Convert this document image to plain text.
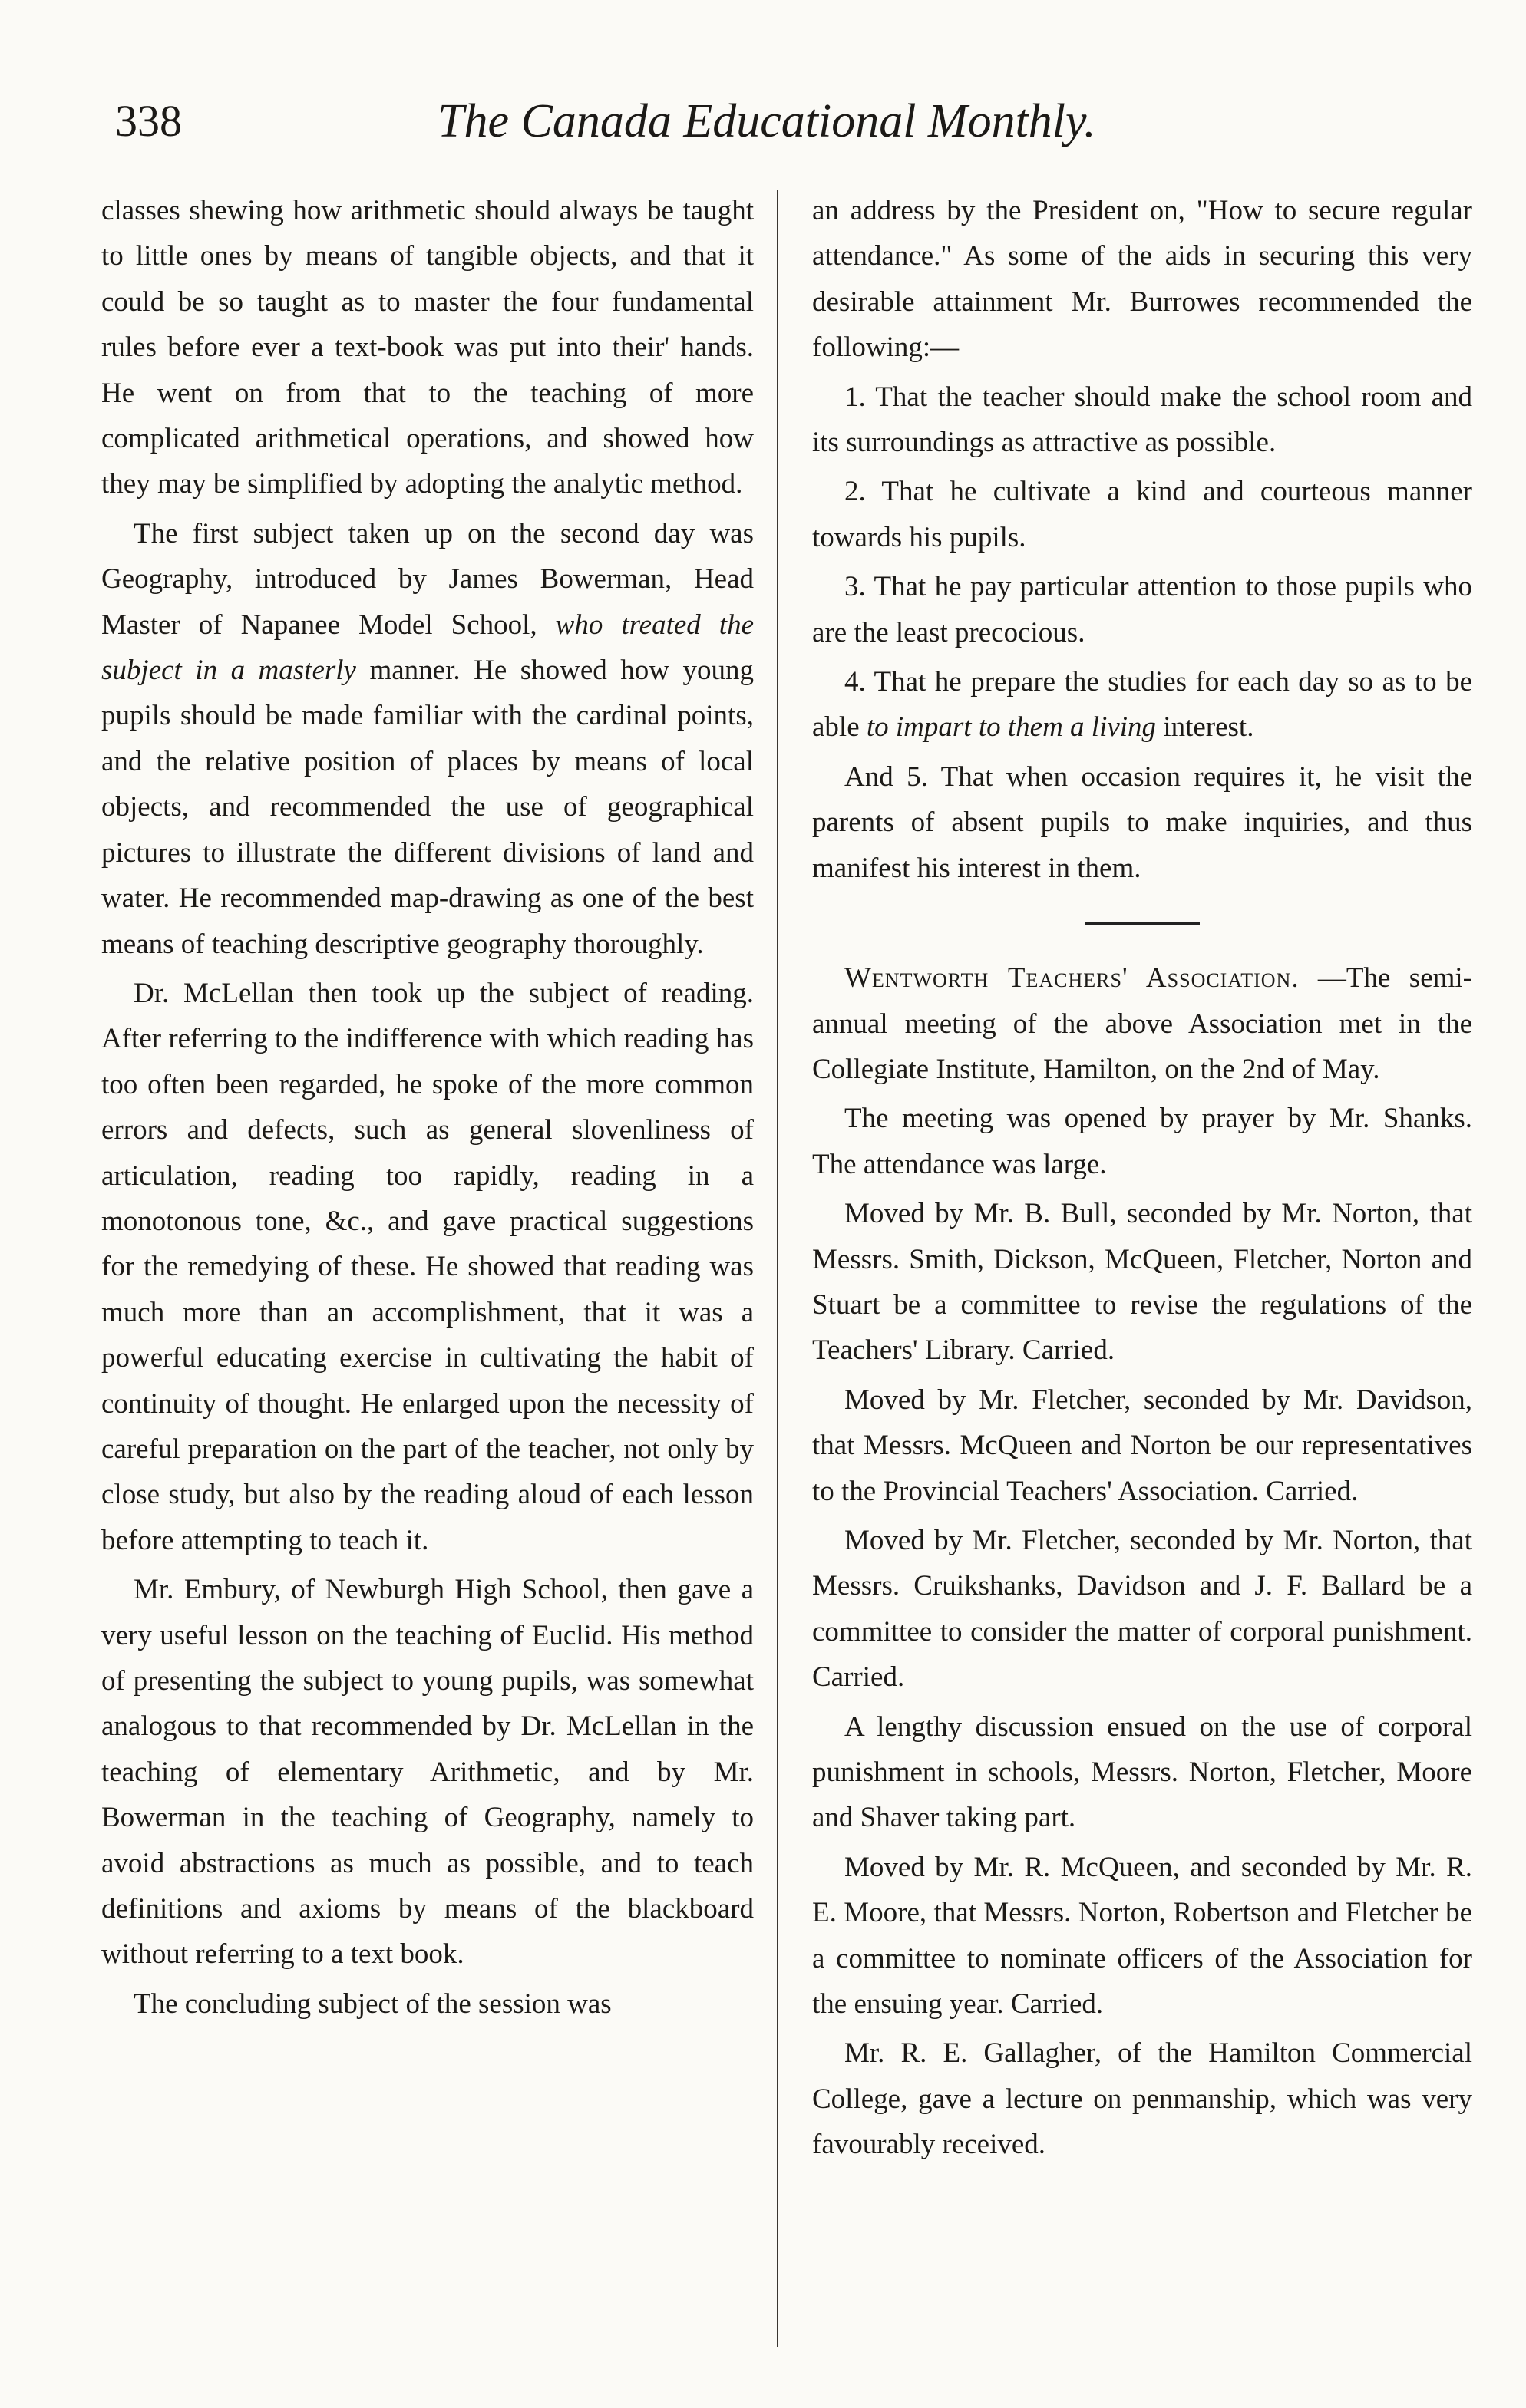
338	The Canada Educational Monthly.

classes shewing how arithmetic should always be taught to little ones by means of tangible objects, and that it could be so taught as to master the four fundamental rules before ever a text-book was put into their' hands. He went on from that to the teaching of more complicated arithmetical operations, and showed how they may be simplified by adopting the analytic method.

The first subject taken up on the second day was Geography, introduced by James Bowerman, Head Master of Napanee Model School, who treated the subject in a masterly manner. He showed how young pupils should be made familiar with the cardinal points, and the relative position of places by means of local objects, and recommended the use of geographical pictures to illustrate the different divisions of land and water. He recommended map-drawing as one of the best means of teaching descriptive geography thoroughly.

Dr. McLellan then took up the subject of reading. After referring to the indifference with which reading has too often been regarded, he spoke of the more common errors and defects, such as general slovenliness of articulation, reading too rapidly, reading in a monotonous tone, &c., and gave practical suggestions for the remedying of these. He showed that reading was much more than an accomplishment, that it was a powerful educating exercise in cultivating the habit of continuity of thought. He enlarged upon the necessity of careful preparation on the part of the teacher, not only by close study, but also by the reading aloud of each lesson before attempting to teach it.

Mr. Embury, of Newburgh High School, then gave a very useful lesson on the teaching of Euclid. His method of presenting the subject to young pupils, was somewhat analogous to that recommended by Dr. McLellan in the teaching of elementary Arithmetic, and by Mr. Bowerman in the teaching of Geography, namely to avoid abstractions as much as possible, and to teach definitions and axioms by means of the blackboard without referring to a text book.

The concluding subject of the session was

an address by the President on, "How to secure regular attendance." As some of the aids in securing this very desirable attainment Mr. Burrowes recommended the following:—

1. That the teacher should make the school room and its surroundings as attractive as possible.

2. That he cultivate a kind and courteous manner towards his pupils.

3. That he pay particular attention to those pupils who are the least precocious.

4. That he prepare the studies for each day so as to be able to impart to them a living interest.

And 5. That when occasion requires it, he visit the parents of absent pupils to make inquiries, and thus manifest his interest in them.

Wentworth Teachers' Association. —The semi-annual meeting of the above Association met in the Collegiate Institute, Hamilton, on the 2nd of May.

The meeting was opened by prayer by Mr. Shanks. The attendance was large.

Moved by Mr. B. Bull, seconded by Mr. Norton, that Messrs. Smith, Dickson, McQueen, Fletcher, Norton and Stuart be a committee to revise the regulations of the Teachers' Library. Carried.

Moved by Mr. Fletcher, seconded by Mr. Davidson, that Messrs. McQueen and Norton be our representatives to the Provincial Teachers' Association. Carried.

Moved by Mr. Fletcher, seconded by Mr. Norton, that Messrs. Cruikshanks, Davidson and J. F. Ballard be a committee to consider the matter of corporal punishment. Carried.

A lengthy discussion ensued on the use of corporal punishment in schools, Messrs. Norton, Fletcher, Moore and Shaver taking part.

Moved by Mr. R. McQueen, and seconded by Mr. R. E. Moore, that Messrs. Norton, Robertson and Fletcher be a committee to nominate officers of the Association for the ensuing year. Carried.

Mr. R. E. Gallagher, of the Hamilton Commercial College, gave a lecture on penmanship, which was very favourably received.
